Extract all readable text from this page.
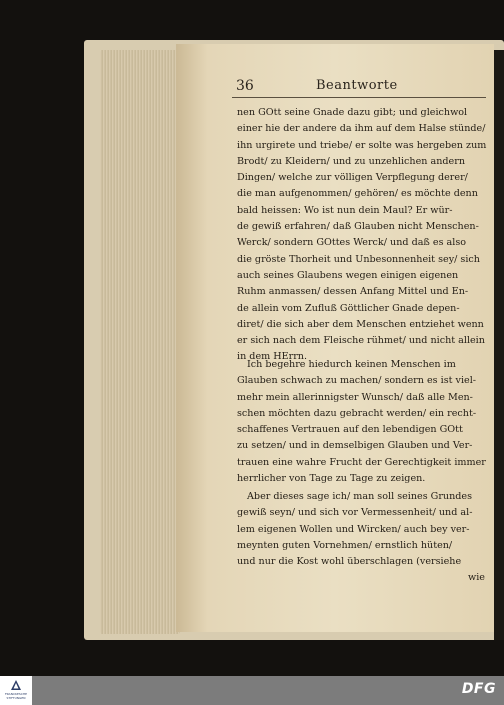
36	Beantworte
nen GOtt seine Gnade dazu gibt; und gleichwol
einer hie der andere da ihm auf dem Halse stünde/
ihn urgirete und triebe/ er solte was hergeben zum
Brodt/ zu Kleidern/ und zu unzehlichen andern
Dingen/ welche zur völligen Verpflegung derer/
die man aufgenommen/ gehören/ es möchte denn
bald heissen: Wo ist nun dein Maul? Er wür-
de gewiß erfahren/ daß Glauben nicht Menschen-
Werck/ sondern GOttes Werck/ und daß es also
die gröste Thorheit und Unbesonnenheit sey/ sich
auch seines Glaubens wegen einigen eigenen
Ruhm anmassen/ dessen Anfang Mittel und En-
de allein vom Zufluß Göttlicher Gnade depen-
diret/ die sich aber dem Menschen entziehet wenn
er sich nach dem Fleische rühmet/ und nicht allein
in dem HErrn.
Ich begehre hiedurch keinen Menschen im
Glauben schwach zu machen/ sondern es ist viel-
mehr mein allerinnigster Wunsch/ daß alle Men-
schen möchten dazu gebracht werden/ ein recht-
schaffenes Vertrauen auf den lebendigen GOtt
zu setzen/ und in demselbigen Glauben und Ver-
trauen eine wahre Frucht der Gerechtigkeit immer
herrlicher von Tage zu Tage zu zeigen.
Aber dieses sage ich/ man soll seines Grundes
gewiß seyn/ und sich vor Vermessenheit/ und al-
lem eigenen Wollen und Wircken/ auch bey ver-
meynten guten Vornehmen/ ernstlich hüten/
und nur die Kost wohl überschlagen (versiehe
wie
FRANCKESCHE STIFTUNGEN
DFG
